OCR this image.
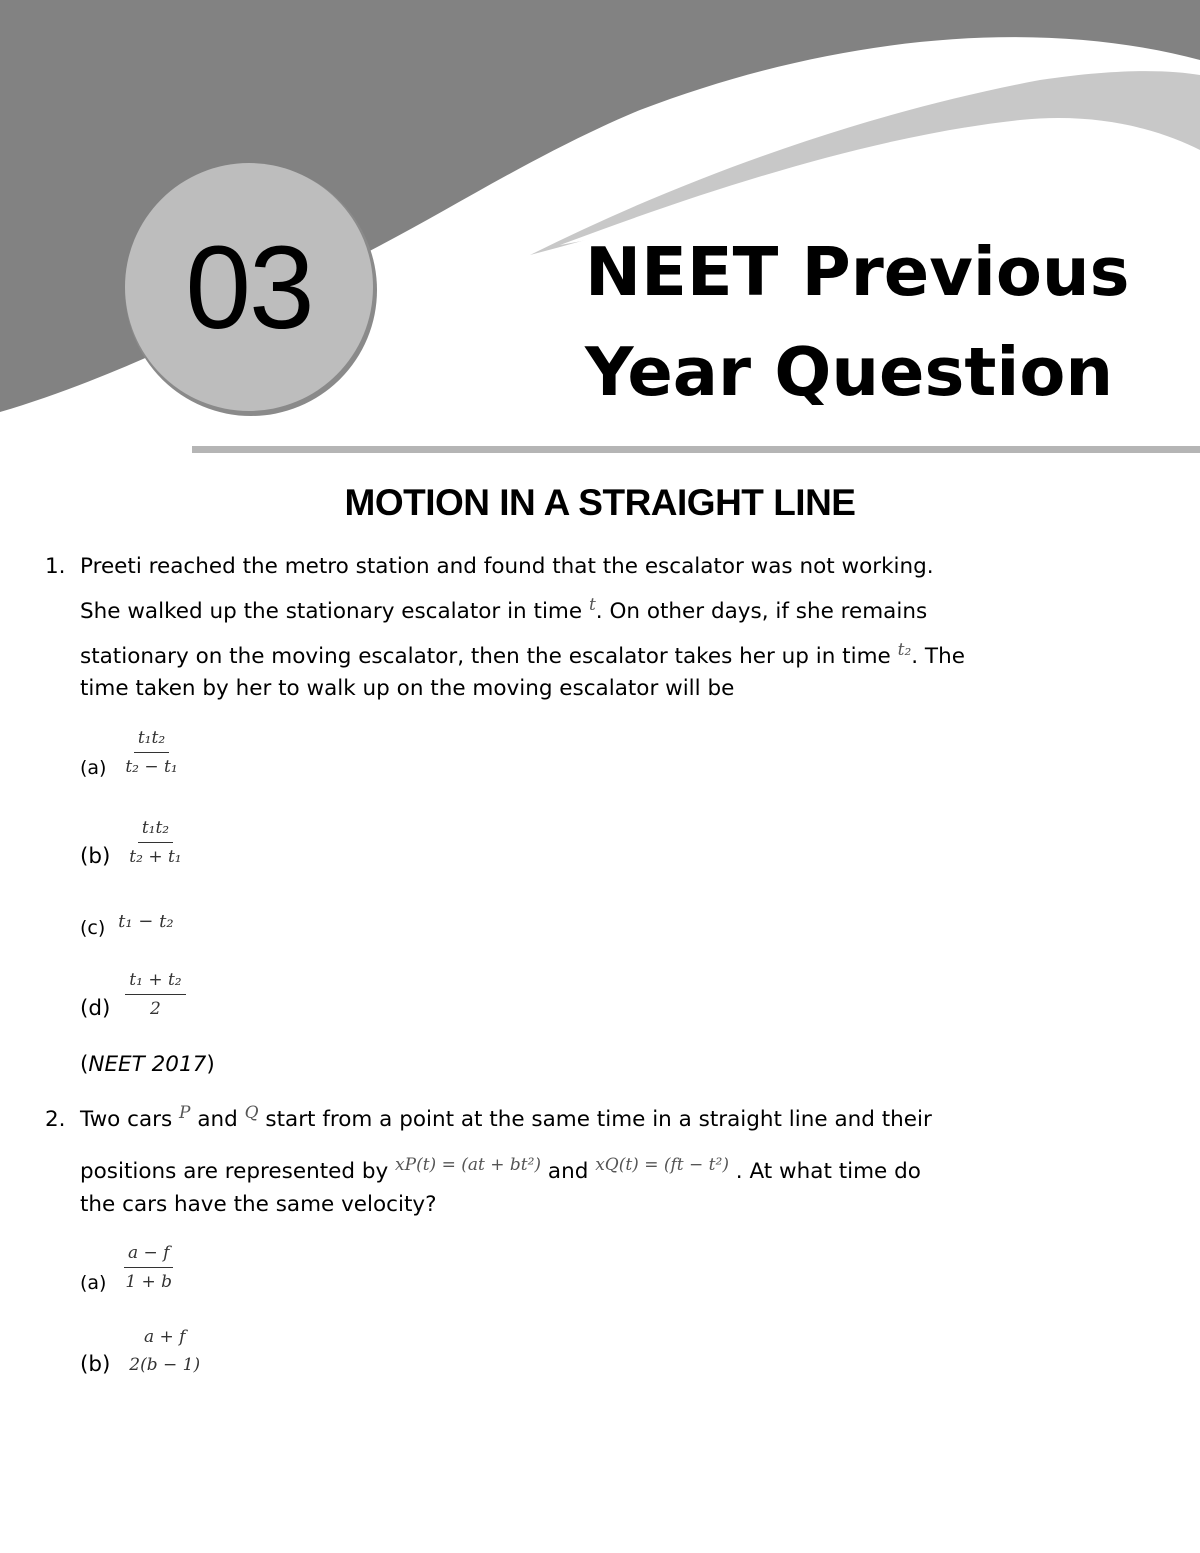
03	NEET Previous
Year Question
MOTION IN A STRAIGHT LINE
1. Preeti reached the metro station and found that the escalator was not working.
She walked up the stationary escalator in time $^t$. On other days, if she remains
stationary on the moving escalator, then the escalator takes her up in time $^{t_2}$. The
time taken by her to walk up on the moving escalator will be
$(a) \frac{\text{t₁t₂}}{\text{t₂ − t₁}}$
$(b) \frac{\text{t₁t₂}}{\text{t₂ + t₁}}$
(c) $^{t_1 - t_2}$
$(d) \frac{\text{t₁ + t₂}}{2}$
(NEET 2017)
2. Two cars $^P$ and $^Q$ start from a point at the same time in a straight line and their
positions are represented by $^{xP(t) = (at + bt^2)}$ and $^{xQ(t) = (ft - t^2)}$ . At what time do
the cars have the same velocity?
$(a) \frac{a - f}{1 + b}$
(b)
a + f
2(b − 1)
